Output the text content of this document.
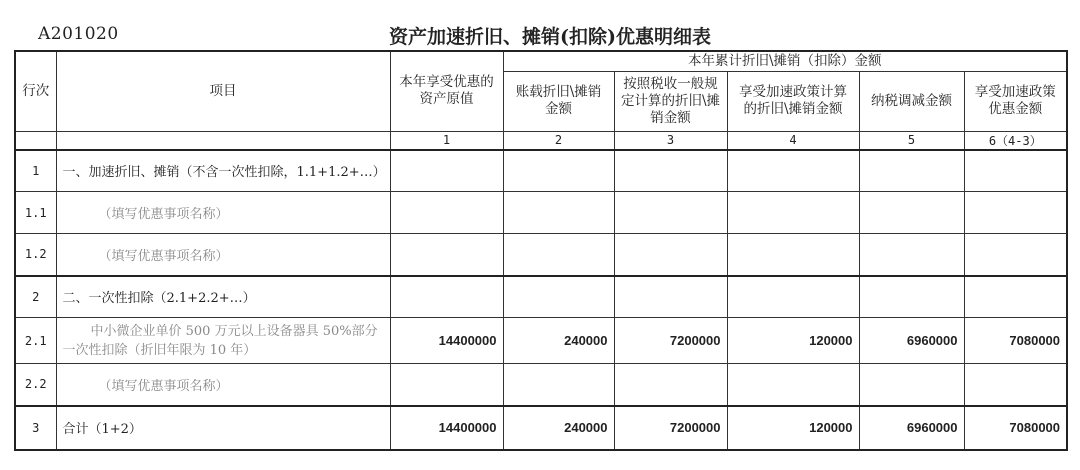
A201020	资产加速折旧、摊销(扣除)优惠明细表
行次	项目	本年享受优惠的资产原值	本年累计折旧\摊销（扣除）金额				
			账载折旧\摊销金额	按照税收一般规定计算的折旧\摊销金额	享受加速政策计算的折旧\摊销金额	纳税调减金额	享受加速政策优惠金额
		1	2	3	4	5	6（4-3）
1	一、加速折旧、摊销（不含一次性扣除，1.1+1.2+…）						
1.1	（填写优惠事项名称）						
1.2	（填写优惠事项名称）						
2	二、一次性扣除（2.1+2.2+…）						
2.1	中小微企业单价 500 万元以上设备器具 50%部分一次性扣除（折旧年限为 10 年）	14400000	240000	7200000	120000	6960000	7080000
2.2	（填写优惠事项名称）						
3	合计（1+2）	14400000	240000	7200000	120000	6960000	7080000
